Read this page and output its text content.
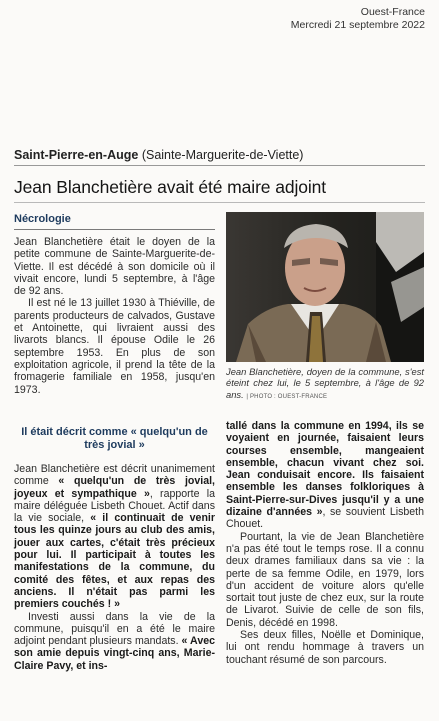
Ouest-France
Mercredi 21 septembre 2022
Saint-Pierre-en-Auge (Sainte-Marguerite-de-Viette)
Jean Blanchetière avait été maire adjoint
Nécrologie

Jean Blanchetière était le doyen de la petite commune de Sainte-Marguerite-de-Viette. Il est décédé à son domicile où il vivait encore, lundi 5 septembre, à l'âge de 92 ans.

Il est né le 13 juillet 1930 à Thiéville, de parents producteurs de calvados, Gustave et Antoinette, qui livraient aussi des livarots blancs. Il épouse Odile le 26 septembre 1953. En plus de son exploitation agricole, il prend la tête de la fromagerie familiale en 1958, jusqu'en 1973.

Il était décrit comme « quelqu'un de très jovial »

Jean Blanchetière est décrit unanimement comme « quelqu'un de très jovial, joyeux et sympathique », rapporte la maire déléguée Lisbeth Chouet. Actif dans la vie sociale, « il continuait de venir tous les quinze jours au club des amis, jouer aux cartes, c'était très précieux pour lui. Il participait à toutes les manifestations de la commune, du comité des fêtes, et aux repas des anciens. Il n'était pas parmi les premiers couchés ! »

Investi aussi dans la vie de la commune, puisqu'il en a été le maire adjoint pendant plusieurs mandats. « Avec son amie depuis vingt-cinq ans, Marie-Claire Pavy, et ins-

Jean Blanchetière, doyen de la commune, s'est éteint chez lui, le 5 septembre, à l'âge de 92 ans. | PHOTO : OUEST-FRANCE

tallé dans la commune en 1994, ils se voyaient en journée, faisaient leurs courses ensemble, mangeaient ensemble, chacun vivant chez soi. Jean conduisait encore. Ils faisaient ensemble les danses folkloriques à Saint-Pierre-sur-Dives jusqu'il y a une dizaine d'années », se souvient Lisbeth Chouet.

Pourtant, la vie de Jean Blanchetière n'a pas été tout le temps rose. Il a connu deux drames familiaux dans sa vie : la perte de sa femme Odile, en 1979, lors d'un accident de voiture alors qu'elle sortait tout juste de chez eux, sur la route de Livarot. Suivie de celle de son fils, Denis, décédé en 1998.

Ses deux filles, Noëlle et Dominique, lui ont rendu hommage à travers un touchant résumé de son parcours.
